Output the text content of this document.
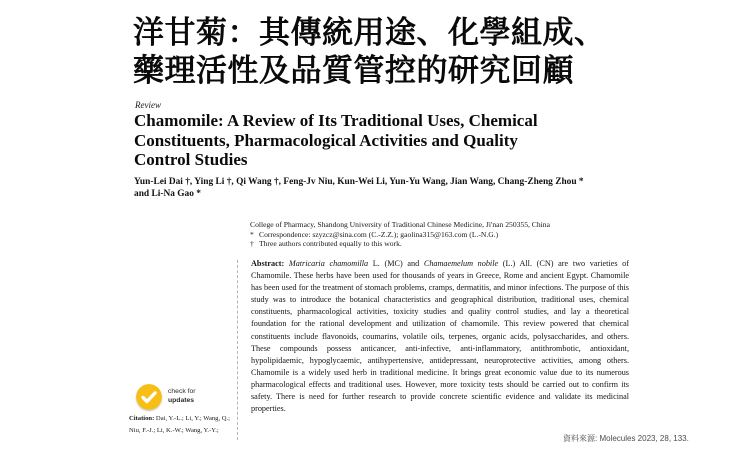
洋甘菊：其傳統用途、化學組成、
藥理活性及品質管控的研究回顧
Review
Chamomile: A Review of Its Traditional Uses, Chemical
Constituents, Pharmacological Activities and Quality
Control Studies
Yun-Lei Dai †, Ying Li †, Qi Wang †, Feng-Jv Niu, Kun-Wei Li, Yun-Yu Wang, Jian Wang, Chang-Zheng Zhou *
and Li-Na Gao *
College of Pharmacy, Shandong University of Traditional Chinese Medicine, Ji'nan 250355, China
* Correspondence: szyzcz@sina.com (C.-Z.Z.); gaolina315@163.com (L.-N.G.)
† Three authors contributed equally to this work.

Abstract: Matricaria chamomilla L. (MC) and Chamaemelum nobile (L.) All. (CN) are two varieties of Chamomile. These herbs have been used for thousands of years in Greece, Rome and ancient Egypt. Chamomile has been used for the treatment of stomach problems, cramps, dermatitis, and minor infections. The purpose of this study was to introduce the botanical characteristics and geographical distribution, traditional uses, chemical constituents, pharmacological activities, toxicity studies and quality control studies, and lay a theoretical foundation for the rational development and utilization of chamomile. This review powered that chemical constituents include flavonoids, coumarins, volatile oils, terpenes, organic acids, polysaccharides, and others. These compounds possess anticancer, anti-infective, anti-inflammatory, antithrombotic, antioxidant, hypolipidaemic, hypoglycaemic, antihypertensive, antidepressant, neuroprotective activities, among others. Chamomile is a widely used herb in traditional medicine. It brings great economic value due to its numerous pharmacological effects and traditional uses. However, more toxicity tests should be carried out to confirm its safety. There is need for further research to provide concrete scientific evidence and validate its medicinal properties.

check for
updates

Citation: Dai, Y.-L.; Li, Y.; Wang, Q.; Niu, F.-J.; Li, K.-W.; Wang, Y.-Y.;

資料來源: Molecules 2023, 28, 133.
